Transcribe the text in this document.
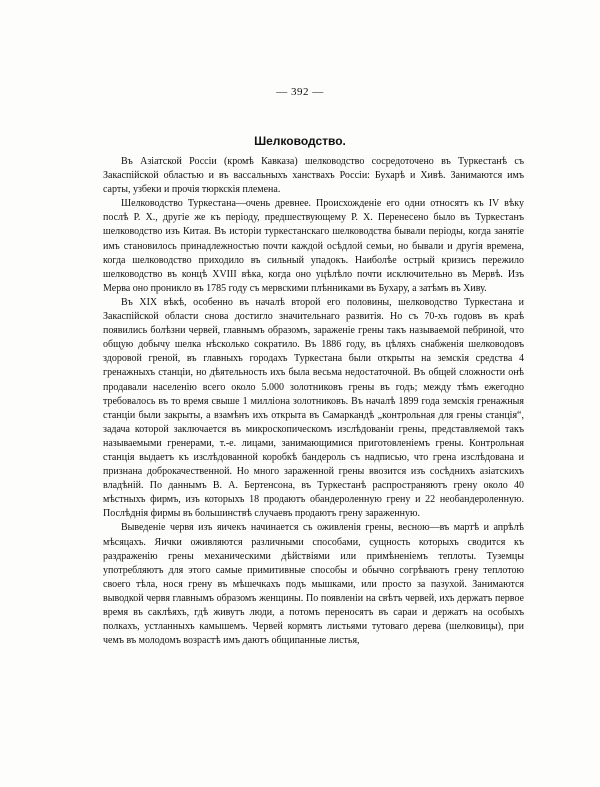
— 392 —
Шелководство.

Въ Азіатской Россіи (кромѣ Кавказа) шелководство сосредоточено въ Туркестанѣ съ Закаспійской областью и въ вассальныхъ ханствахъ Россіи: Бухарѣ и Хивѣ. Занимаются имъ сарты, узбеки и прочія тюркскія племена.

Шелководство Туркестана—очень древнее. Происхожденіе его одни относятъ къ IV вѣку послѣ Р. Х., другіе же къ періоду, предшествующему Р. Х. Перенесено было въ Туркестанъ шелководство изъ Китая. Въ исторіи туркестанскаго шелководства бывали періоды, когда занятіе имъ становилось принадлежностью почти каждой осѣдлой семьи, но бывали и другія времена, когда шелководство приходило въ сильный упадокъ. Наиболѣе острый кризисъ пережило шелководство въ концѣ XVIII вѣка, когда оно уцѣлѣло почти исключительно въ Мервѣ. Изъ Мерва оно проникло въ 1785 году съ мервскими плѣнниками въ Бухару, а затѣмъ въ Хиву.

Въ XIX вѣкѣ, особенно въ началѣ второй его половины, шелководство Туркестана и Закаспійской области снова достигло значительнаго развитія. Но съ 70-хъ годовъ въ краѣ появились болѣзни червей, главнымъ образомъ, зараженіе грены такъ называемой пебриной, что общую добычу шелка нѣсколько сократило. Въ 1886 году, въ цѣляхъ снабженія шелководовъ здоровой греной, въ главныхъ городахъ Туркестана были открыты на земскія средства 4 гренажныхъ станціи, но дѣятельность ихъ была весьма недостаточной. Въ общей сложности онѣ продавали населенію всего около 5.000 золотниковъ грены въ годъ; между тѣмъ ежегодно требовалось въ то время свыше 1 милліона золотниковъ. Въ началѣ 1899 года земскія гренажныя станціи были закрыты, а взамѣнъ ихъ открыта въ Самаркандѣ „контрольная для грены станція“, задача которой заключается въ микроскопическомъ изслѣдованіи грены, представляемой такъ называемыми гренерами, т.-е. лицами, занимающимися приготовленіемъ грены. Контрольная станція выдаетъ къ изслѣдованной коробкѣ бандероль съ надписью, что грена изслѣдована и признана доброкачественной. Но много зараженной грены ввозится изъ сосѣднихъ азіатскихъ владѣній. По даннымъ В. А. Бертенсона, въ Туркестанѣ распространяютъ грену около 40 мѣстныхъ фирмъ, изъ которыхъ 18 продаютъ обандероленную грену и 22 необандероленную. Послѣднія фирмы въ большинствѣ случаевъ продаютъ грену зараженную.

Выведеніе червя изъ яичекъ начинается съ оживленія грены, весною—въ мартѣ и апрѣлѣ мѣсяцахъ. Яички оживляются различными способами, сущность которыхъ сводится къ раздраженію грены механическими дѣйствіями или примѣненіемъ теплоты. Туземцы употребляютъ для этого самые примитивные способы и обычно согрѣваютъ грену теплотою своего тѣла, нося грену въ мѣшечкахъ подъ мышками, или просто за пазухой. Занимаются выводкой червя главнымъ образомъ женщины. По появленіи на свѣтъ червей, ихъ держатъ первое время въ саклѣяхъ, гдѣ живутъ люди, а потомъ переносятъ въ сараи и держатъ на особыхъ полкахъ, устланныхъ камышемъ. Червей кормятъ листьями тутоваго дерева (шелковицы), при чемъ въ молодомъ возрастѣ имъ даютъ общипанные листья,
